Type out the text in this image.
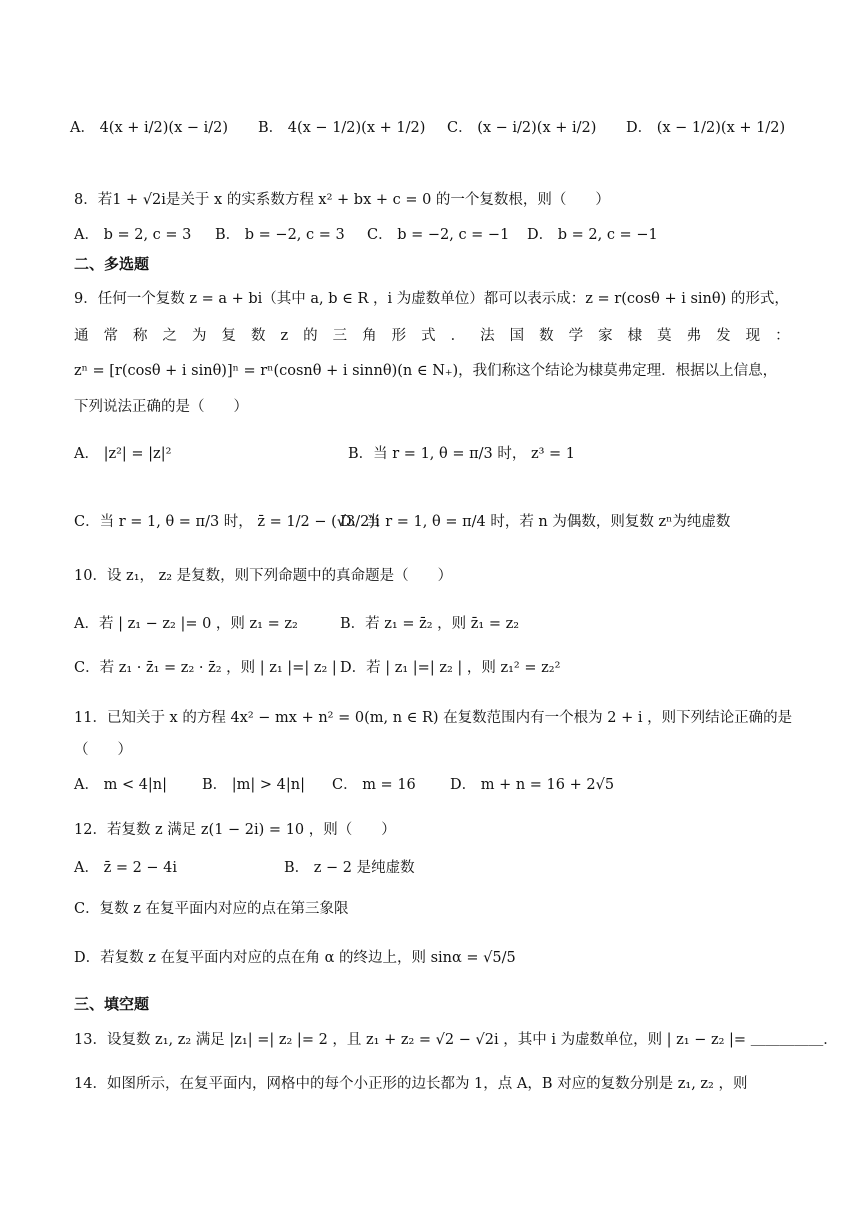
A． 4(x + i/2)(x − i/2) B． 4(x − 1/2)(x + 1/2) C． (x − i/2)(x + i/2) D． (x − 1/2)(x + 1/2)
8．若1 + √2i是关于 x 的实系数方程 x² + bx + c = 0 的一个复数根，则（　　）
A． b = 2, c = 3 B． b = −2, c = 3 C． b = −2, c = −1 D． b = 2, c = −1
二、多选题
9．任何一个复数 z = a + bi（其中 a, b ∈ R ，i 为虚数单位）都可以表示成：z = r(cosθ + i sinθ) 的形式，
通 常 称 之 为 复 数 z 的 三 角 形 式 ． 法 国 数 学 家 棣 莫 弗 发 现 ：
zⁿ = [r(cosθ + i sinθ)]ⁿ = rⁿ(cosnθ + i sinnθ)(n ∈ N₊)，我们称这个结论为棣莫弗定理．根据以上信息，
下列说法正确的是（　　）
A． |z²| = |z|²	B．当 r = 1, θ = π/3 时， z³ = 1
C．当 r = 1, θ = π/3 时， z̄ = 1/2 − (√3/2)i
D．当 r = 1, θ = π/4 时，若 n 为偶数，则复数 zⁿ为纯虚数
10．设 z₁， z₂ 是复数，则下列命题中的真命题是（　　）
A．若 | z₁ − z₂ |= 0 ，则 z₁ = z₂	B．若 z₁ = z̄₂ ，则 z̄₁ = z₂
C．若 z₁ · z̄₁ = z₂ · z̄₂ ，则 | z₁ |=| z₂ | D．若 | z₁ |=| z₂ | ，则 z₁² = z₂²
11．已知关于 x 的方程 4x² − mx + n² = 0(m, n ∈ R) 在复数范围内有一个根为 2 + i ，则下列结论正确的是
（　　）
A． m < 4|n| B． |m| > 4|n| C． m = 16 D． m + n = 16 + 2√5
12．若复数 z 满足 z(1 − 2i) = 10 ，则（　　）
A． z̄ = 2 − 4i	B． z − 2 是纯虚数
C．复数 z 在复平面内对应的点在第三象限
D．若复数 z 在复平面内对应的点在角 α 的终边上，则 sinα = √5/5
三、填空题
13．设复数 z₁, z₂ 满足 |z₁| =| z₂ |= 2 ，且 z₁ + z₂ = √2 − √2i ，其中 i 为虚数单位，则 | z₁ − z₂ |= ＿＿＿＿＿．
14．如图所示，在复平面内，网格中的每个小正形的边长都为 1，点 A，B 对应的复数分别是 z₁, z₂ ，则
